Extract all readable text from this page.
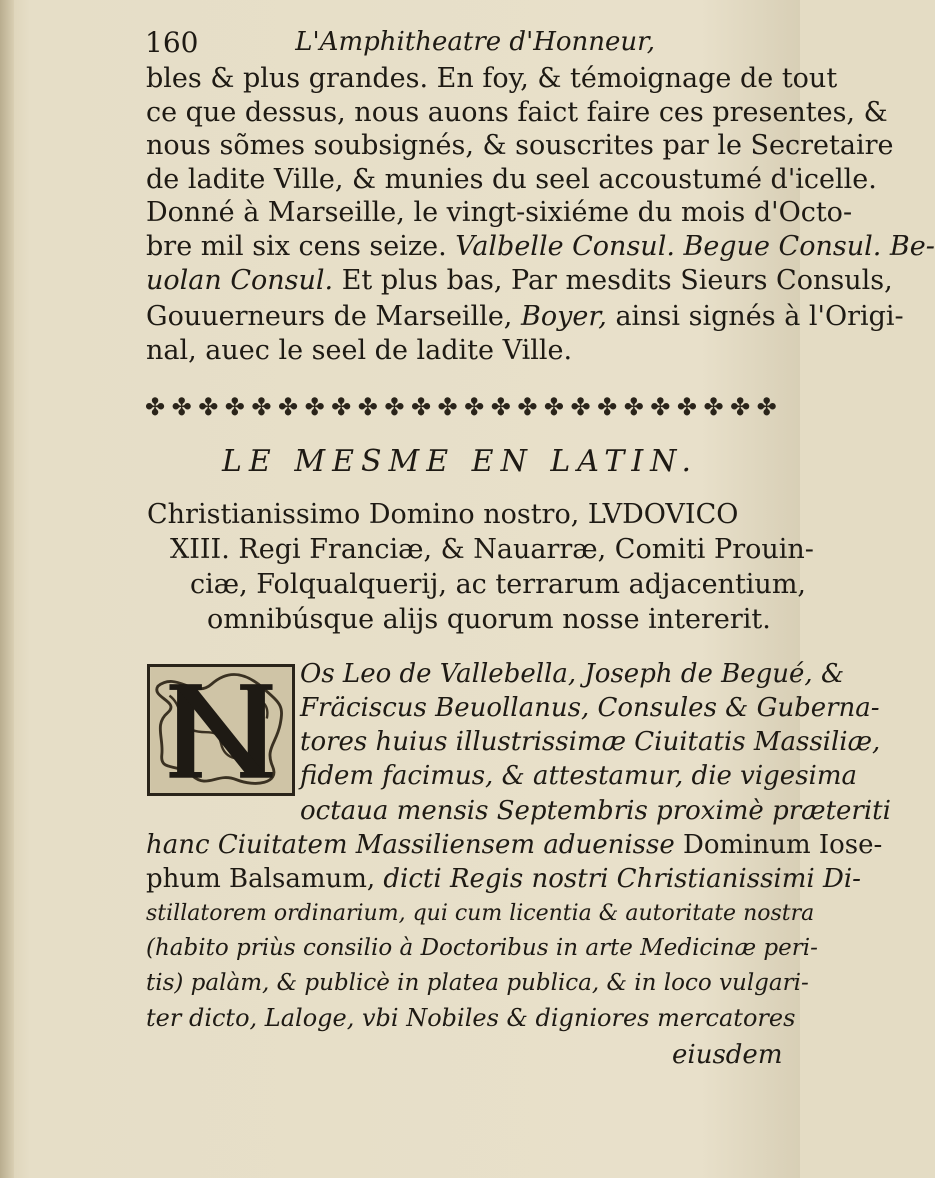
160	L'Amphitheatre d'Honneur,
bles & plus grandes. En foy, & témoignage de tout
ce que dessus, nous auons faict faire ces presentes, &
nous sõmes soubsignés, & souscrites par le Secretaire
de ladite Ville, & munies du seel accoustumé d'icelle.
Donné à Marseille, le vingt-sixiéme du mois d'Octo-
bre mil six cens seize. Valbelle Consul. Begue Consul. Be-
uolan Consul. Et plus bas, Par mesdits Sieurs Consuls,
Gouuerneurs de Marseille, Boyer, ainsi signés à l'Origi-
nal, auec le seel de ladite Ville.
✤ ✤ ✤ ✤ ✤ ✤ ✤ ✤ ✤ ✤ ✤ ✤ ✤ ✤ ✤ ✤ ✤ ✤ ✤ ✤ ✤ ✤ ✤ ✤
LE MESME EN LATIN.
Christianissimo Domino nostro, LVDOVICO
XIII. Regi Franciæ, & Nauarræ, Comiti Prouin-
ciæ, Folqualquerij, ac terrarum adjacentium,
omnibúsque alijs quorum nosse intererit.
Os Leo de Vallebella, Joseph de Begué, &
Fräciscus Beuollanus, Consules & Guberna-
tores huius illustrissimæ Ciuitatis Massiliæ,
fidem facimus, & attestamur, die vigesima
octaua mensis Septembris proximè præteriti
hanc Ciuitatem Massiliensem aduenisse Dominum Iose-
phum Balsamum, dicti Regis nostri Christianissimi Di-
stillatorem ordinarium, qui cum licentia & autoritate nostra
(habito priùs consilio à Doctoribus in arte Medicinæ peri-
tis) palàm, & publicè in platea publica, & in loco vulgari-
ter dicto, Laloge, vbi Nobiles & digniores mercatores
eiusdem
